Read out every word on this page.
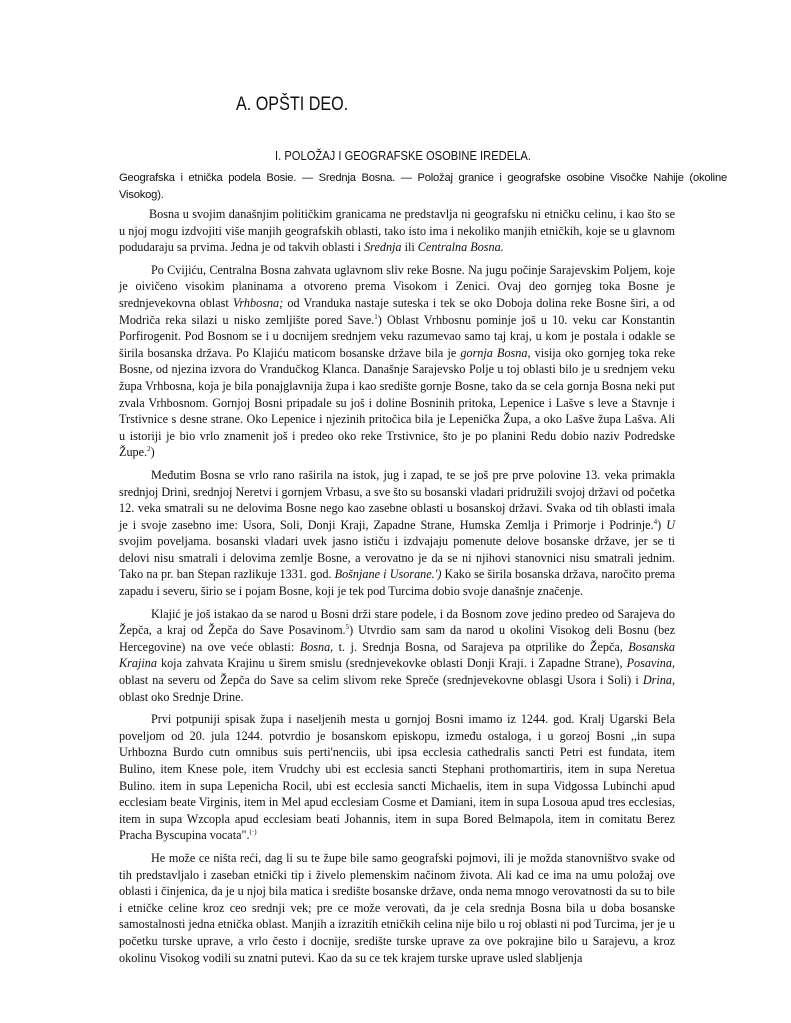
A. OPŠTI DEO.
I. POLOŽAJ I GEOGRAFSKE OSOBINE IREDELA.
Geografska i etnička podela Bosie. — Srednja Bosna. — Položaj granice i geografske osobine Visočke Nahije (okoline Visokog).

Bosna u svojim današnjim političkim granicama ne predstavlja ni geografsku ni etničku celinu, i kao što se u njoj mogu izdvojiti više manjih geografskih oblasti, tako isto ima i nekoliko manjih etničkih, koje se u glavnom podudaraju sa prvima. Jedna je od takvih oblasti i Srednja ili Centralna Bosna.

Po Cvijiću, Centralna Bosna zahvata uglavnom sliv reke Bosne. Na jugu počinje Sarajevskim Poljem, koje je oivičeno visokim planinama a otvoreno prema Visokom i Zenici. Ovaj deo gornjeg toka Bosne je srednjevekovna oblast Vrhbosna; od Vranduka nastaje suteska i tek se oko Doboja dolina reke Bosne širi, a od Modriča reka silazi u nisko zemljište pored Save.$^1$) Oblast Vrhbosnu pominje još u 10. veku car Konstantin Porfirogenit. Pod Bosnom se i u docnijem srednjem veku razumevao samo taj kraj, u kom je postala i odakle se širila bosanska država. Po Klajiću maticom bosanske države bila je gornja Bosna, visija oko gornjeg toka reke Bosne, od njezina izvora do Vrandučkog Klanca. Današnje Sarajevsko Polje u toj oblasti bilo je u srednjem veku župa Vrhbosna, koja je bila ponajglavnija župa i kao središte gornje Bosne, tako da se cela gornja Bosna neki put zvala Vrhbosnom. Gornjoj Bosni pripadale su još i doline Bosninih pritoka, Lepenice i Lašve s leve a Stavnje i Trstivnice s desne strane. Oko Lepenice i njezinih pritočica bila je Lepenička Župa, a oko Lašve župa Lašva. Ali u istoriji je bio vrlo znamenit još i predeo oko reke Trstivnice, što je po planini Redu dobio naziv Podredske Župe.$^2$)

Međutim Bosna se vrlo rano raširila na istok, jug i zapad, te se još pre prve polovine 13. veka primakla srednjoj Drini, srednjoj Neretvi i gornjem Vrbasu, a sve što su bosanski vladari pridružili svojoj državi od početka 12. veka smatrali su ne delovima Bosne nego kao zasebne oblasti u bosanskoj državi. Svaka od tih oblasti imala je i svoje zasebno ime: Usora, Soli, Donji Kraji, Zapadne Strane, Humska Zemlja i Primorje i Podrinje.$^4$) U svojim poveljama. bosanski vladari uvek jasno ističu i izdvajaju pomenute delove bosanske države, jer se ti delovi nisu smatrali i delovima zemlje Bosne, a verovatno je da se ni njihovi stanovnici nisu smatrali jednim. Tako na pr. ban Stepan razlikuje 1331. god. Bošnjane i Usorane.') Kako se širila bosanska država, naročito prema zapadu i severu, širio se i pojam Bosne, koji je tek pod Turcima dobio svoje današnje značenje.

Klajić je još istakao da se narod u Bosni drži stare podele, i da Bosnom zove jedino predeo od Sarajeva do Žepča, a kraj od Žepča do Save Posavinom.$^5$) Utvrdio sam sam da narod u okolini Visokog deli Bosnu (bez Hercegovine) na ove veće oblasti: Bosna, t. j. Srednja Bosna, od Sarajeva pa otprilike do Žepča, Bosanska Krajina koja zahvata Krajinu u širem smislu (srednjevekovke oblasti Donji Kraji. i Zapadne Strane), Posavina, oblast na severu od Žepča do Save sa celim slivom reke Spreče (srednjevekovne oblasgi Usora i Soli) i Drina, oblast oko Srednje Drine.

Prvi potpuniji spisak župa i naseljenih mesta u gornjoj Bosni imamo iz 1244. god. Kralj Ugarski Bela poveljom od 20. jula 1244. potvrdio je bosanskom episkopu, između ostaloga, i u gorƨoj Bosni ,,in supa Urhbozna Burdo cutn omnibus suis perti'nenciis, ubi ipsa ecclesia cathedralis sancti Petri est fundata, item Bulino, item Knese pole, item Vrudchy ubi est ecclesia sancti Stephani prothomartiris, item in supa Neretua Bulino. item in supa Lepenicha Rocil, ubi est ecclesia sancti Michaelis, item in supa Vidgossa Lubinchi apud ecclesiam beate Virginis, item in Mel apud ecclesiam Cosme et Damiani, item in supa Losoua apud tres ecclesias, item in supa Wzcopla apud ecclesiam beati Johannis, item in supa Bored Belmapola, item in comitatu Berez Pracha Byscupina vocata".(·)

He može ce ništa reći, dag li su te župe bile samo geografski pojmovi, ili je možda stanovništvo svake od tih predstavljalo i zaseban etnički tip i živelo plemenskim načinom života. Ali kad ce ima na umu položaj ove oblasti i činjenica, da je u njoj bila matica i središte bosanske države, onda nema mnogo verovatnosti da su to bile i etničke celine kroz ceo srednji vek; pre ce može verovati, da je cela srednja Bosna bila u doba bosanske samostalnosti jedna etnička oblast. Manjih a izrazitih etničkih celina nije bilo u roj oblasti ni pod Turcima, jer je u početku turske uprave, a vrlo često i docnije, središte turske uprave za ove pokrajine bilo u Sarajevu, a kroz okolinu Visokog vodili su znatni putevi. Kao da su ce tek krajem turske uprave usled slabljenja
